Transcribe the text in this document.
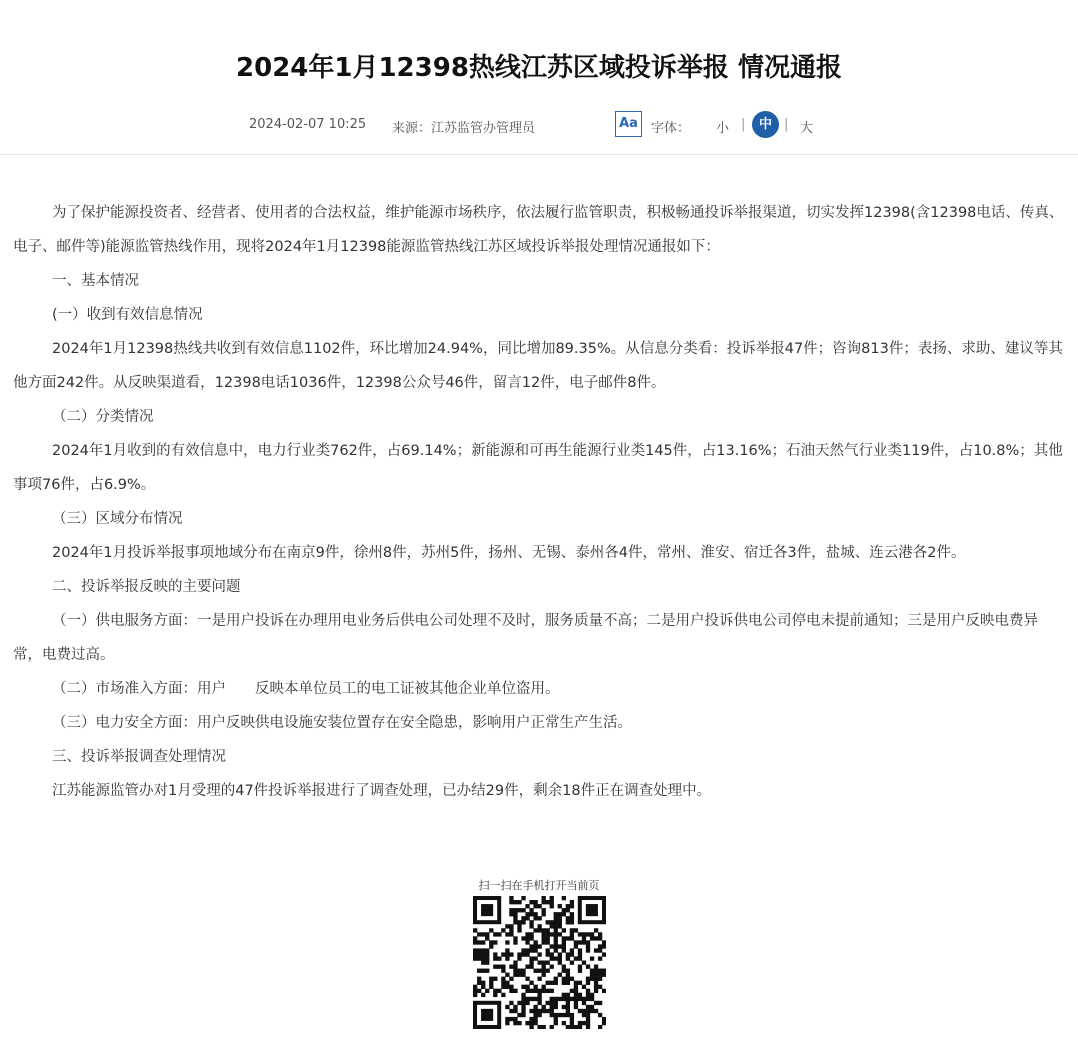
2024年1月12398热线江苏区域投诉举报 情况通报
2024-02-07 10:25 来源：江苏监管办管理员	Aa	字体： 小 |	中 | 大

为了保护能源投资者、经营者、使用者的合法权益，维护能源市场秩序，依法履行监管职责，积极畅通投诉举报渠道，切实发挥12398(含12398电话、传真、电子、邮件等)能源监管热线作用，现将2024年1月12398能源监管热线江苏区域投诉举报处理情况通报如下：

一、基本情况

(一）收到有效信息情况

2024年1月12398热线共收到有效信息1102件，环比增加24.94%，同比增加89.35%。从信息分类看：投诉举报47件；咨询813件；表扬、求助、建议等其他方面242件。从反映渠道看，12398电话1036件，12398公众号46件，留言12件，电子邮件8件。

（二）分类情况

2024年1月收到的有效信息中，电力行业类762件，占69.14%；新能源和可再生能源行业类145件，占13.16%；石油天然气行业类119件，占10.8%；其他事项76件，占6.9%。

（三）区域分布情况

2024年1月投诉举报事项地域分布在南京9件，徐州8件，苏州5件，扬州、无锡、泰州各4件，常州、淮安、宿迁各3件，盐城、连云港各2件。

二、投诉举报反映的主要问题

（一）供电服务方面：一是用户投诉在办理用电业务后供电公司处理不及时，服务质量不高；二是用户投诉供电公司停电未提前通知；三是用户反映电费异常，电费过高。

（二）市场准入方面：用户　　反映本单位员工的电工证被其他企业单位盗用。

（三）电力安全方面：用户反映供电设施安装位置存在安全隐患，影响用户正常生产生活。

三、投诉举报调查处理情况

江苏能源监管办对1月受理的47件投诉举报进行了调查处理，已办结29件，剩余18件正在调查处理中。

扫一扫在手机打开当前页
